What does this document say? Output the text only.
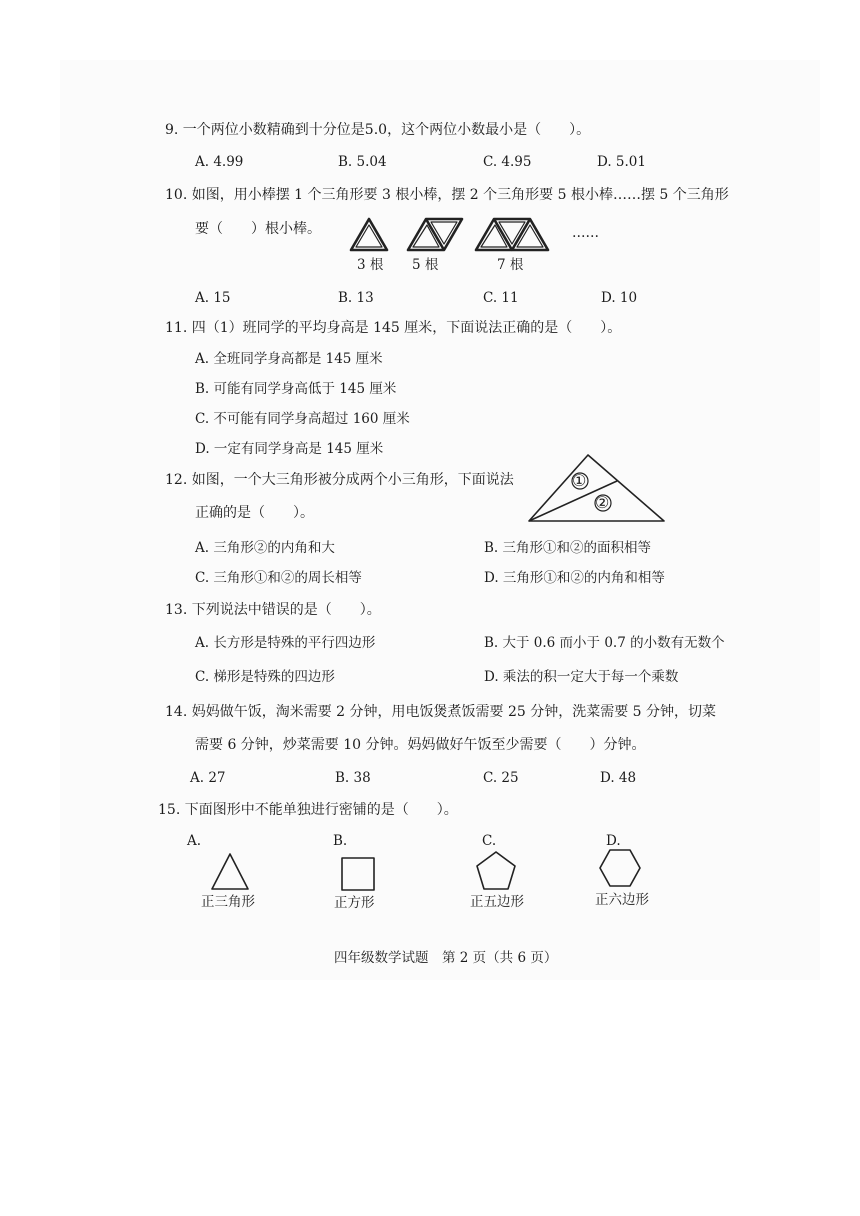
9. 一个两位小数精确到十分位是5.0，这个两位小数最小是（　　）。
A. 4.99	B. 5.04	C. 4.95	D. 5.01
10. 如图，用小棒摆 1 个三角形要 3 根小棒，摆 2 个三角形要 5 根小棒……摆 5 个三角形
要（　　）根小棒。
3 根 5 根	7 根
……
A. 15	B. 13	C. 11	D. 10
11. 四（1）班同学的平均身高是 145 厘米，下面说法正确的是（　　）。
A. 全班同学身高都是 145 厘米
B. 可能有同学身高低于 145 厘米
C. 不可能有同学身高超过 160 厘米
D. 一定有同学身高是 145 厘米
12. 如图，一个大三角形被分成两个小三角形，下面说法
正确的是（　　）。
①
②
A. 三角形②的内角和大	B. 三角形①和②的面积相等
C. 三角形①和②的周长相等	D. 三角形①和②的内角和相等
13. 下列说法中错误的是（　　）。
A. 长方形是特殊的平行四边形	B. 大于 0.6 而小于 0.7 的小数有无数个
C. 梯形是特殊的四边形	D. 乘法的积一定大于每一个乘数
14. 妈妈做午饭，淘米需要 2 分钟，用电饭煲煮饭需要 25 分钟，洗菜需要 5 分钟，切菜
需要 6 分钟，炒菜需要 10 分钟。妈妈做好午饭至少需要（　　）分钟。
A. 27	B. 38	C. 25	D. 48
15. 下面图形中不能单独进行密铺的是（　　）。
A.	B.	C.	D.
正三角形	正方形	正五边形	正六边形
四年级数学试题　第 2 页（共 6 页）
